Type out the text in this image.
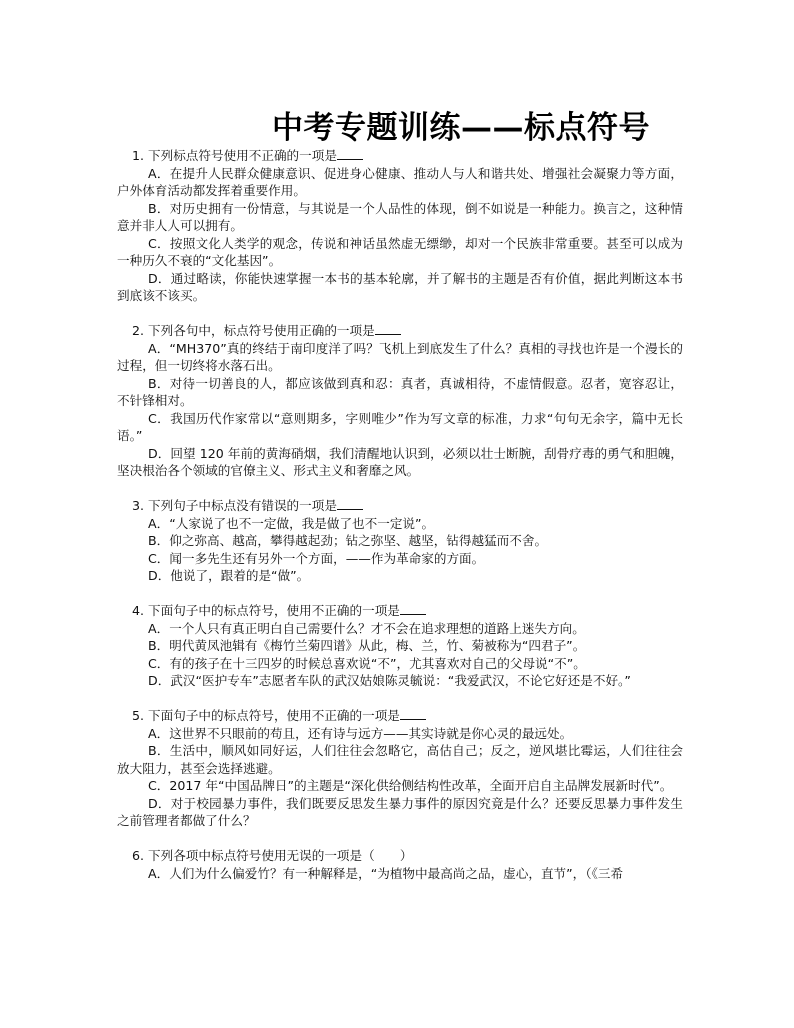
中考专题训练——标点符号
1. 下列标点符号使用不正确的一项是
A．在提升人民群众健康意识、促进身心健康、推动人与人和谐共处、增强社会凝聚力等方面，户外体育活动都发挥着重要作用。
B．对历史拥有一份情意，与其说是一个人品性的体现，倒不如说是一种能力。换言之，这种情意并非人人可以拥有。
C．按照文化人类学的观念，传说和神话虽然虚无缥缈，却对一个民族非常重要。甚至可以成为一种历久不衰的“文化基因”。
D．通过略读，你能快速掌握一本书的基本轮廓，并了解书的主题是否有价值，据此判断这本书到底该不该买。
2. 下列各句中，标点符号使用正确的一项是
A．“MH370”真的终结于南印度洋了吗？飞机上到底发生了什么？真相的寻找也许是一个漫长的过程，但一切终将水落石出。
B．对待一切善良的人，都应该做到真和忍：真者，真诚相待，不虚情假意。忍者，宽容忍让，不针锋相对。
C．我国历代作家常以“意则期多，字则唯少”作为写文章的标准，力求“句句无余字，篇中无长语。”
D．回望 120 年前的黄海硝烟，我们清醒地认识到，必须以壮士断腕，刮骨疗毒的勇气和胆魄，坚决根治各个领域的官僚主义、形式主义和奢靡之风。
3. 下列句子中标点没有错误的一项是
A．“人家说了也不一定做，我是做了也不一定说”。
B．仰之弥高、越高，攀得越起劲；钻之弥坚、越坚，钻得越猛而不舍。
C．闻一多先生还有另外一个方面，——作为革命家的方面。
D．他说了，跟着的是“做”。
4. 下面句子中的标点符号，使用不正确的一项是
A．一个人只有真正明白自己需要什么？才不会在追求理想的道路上迷失方向。
B．明代黄凤池辑有《梅竹兰菊四谱》从此，梅、兰，竹、菊被称为“四君子”。
C．有的孩子在十三四岁的时候总喜欢说“不”，尤其喜欢对自己的父母说“不”。
D．武汉“医护专车”志愿者车队的武汉姑娘陈灵毓说：“我爱武汉，不论它好还是不好。”
5. 下面句子中的标点符号，使用不正确的一项是
A．这世界不只眼前的苟且，还有诗与远方——其实诗就是你心灵的最远处。
B．生活中，顺风如同好运，人们往往会忽略它，高估自己；反之，逆风堪比霉运，人们往往会放大阻力，甚至会选择逃避。
C．2017 年“中国品牌日”的主题是“深化供给侧结构性改革，全面开启自主品牌发展新时代”。
D．对于校园暴力事件，我们既要反思发生暴力事件的原因究竟是什么？还要反思暴力事件发生之前管理者都做了什么？
6. 下列各项中标点符号使用无误的一项是（　　）
A．人们为什么偏爱竹？有一种解释是，“为植物中最高尚之品，虚心，直节”，（《三希
